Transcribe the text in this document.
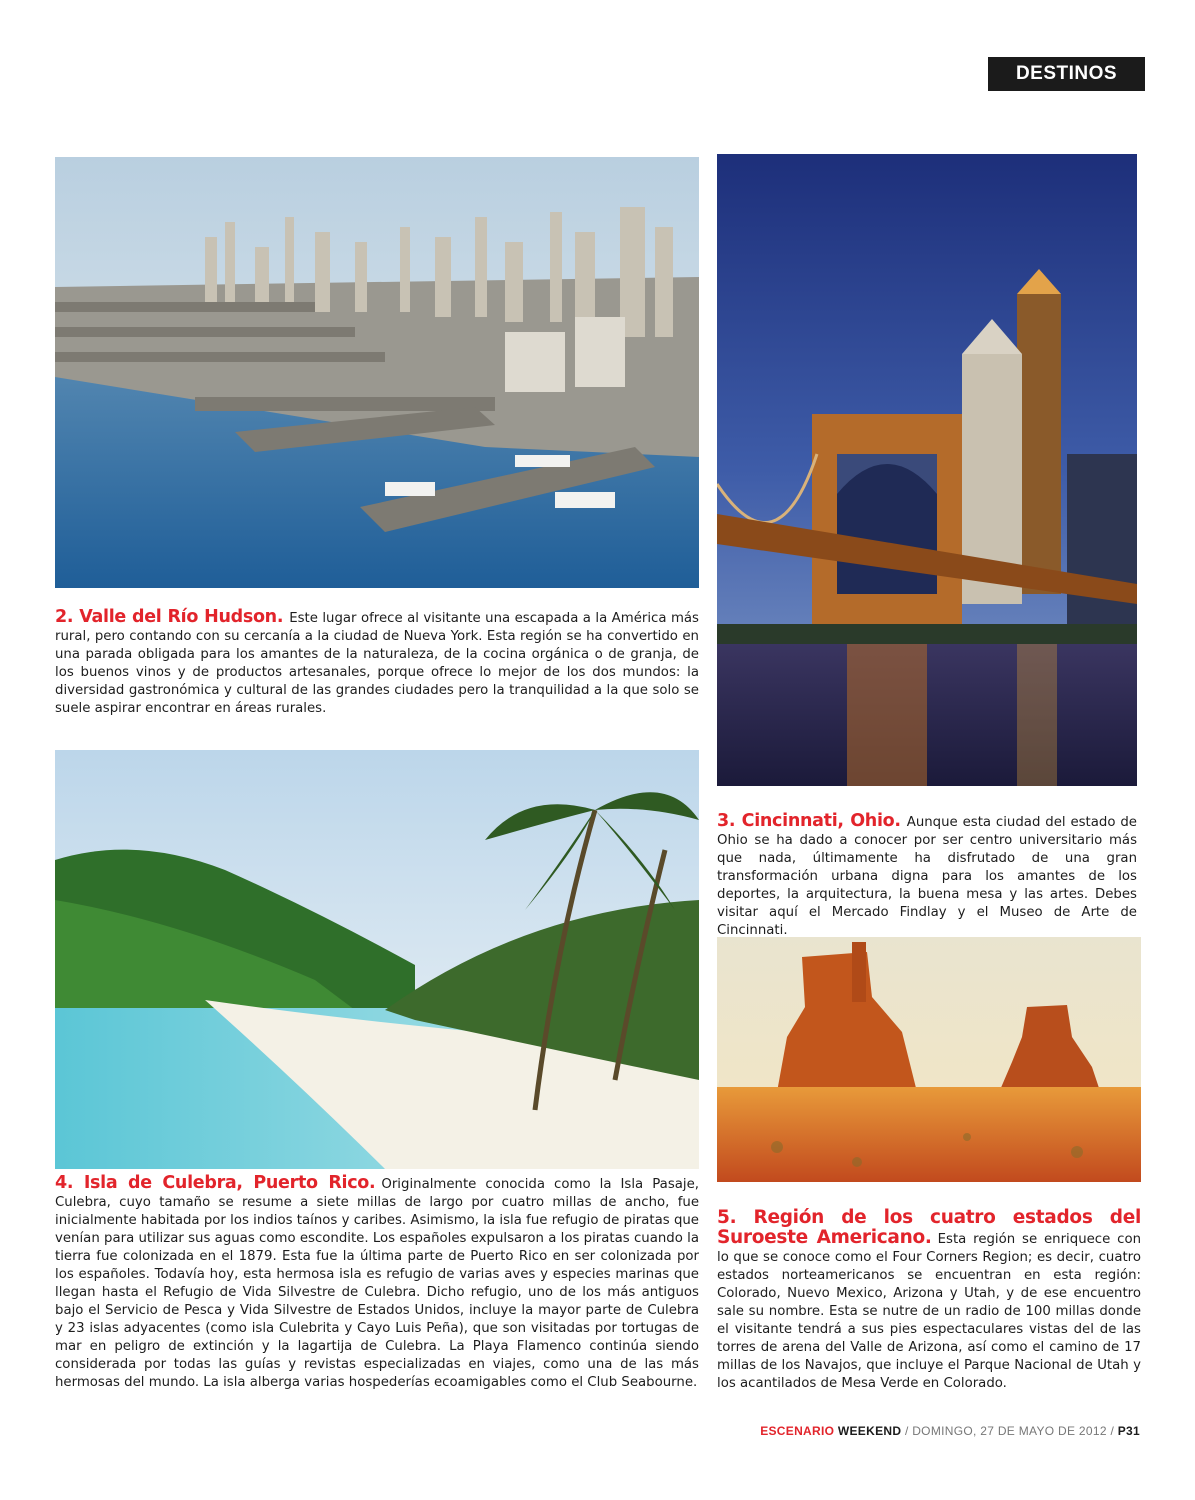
DESTINOS
2. Valle del Río Hudson. Este lugar ofrece al visitante una escapada a la América más rural, pero contando con su cercanía a la ciudad de Nueva York. Esta región se ha convertido en una parada obligada para los amantes de la naturaleza, de la cocina orgánica o de granja, de los buenos vinos y de productos artesanales, porque ofrece lo mejor de los dos mundos: la diversidad gastronómica y cultural de las grandes ciudades pero la tranquilidad a la que solo se suele aspirar encontrar en áreas rurales.
3. Cincinnati, Ohio. Aunque esta ciudad del estado de Ohio se ha dado a conocer por ser centro universitario más que nada, últimamente ha disfrutado de una gran transformación urbana digna para los amantes de los deportes, la arquitectura, la buena mesa y las artes. Debes visitar aquí el Mercado Findlay y el Museo de Arte de Cincinnati.
4. Isla de Culebra, Puerto Rico. Originalmente conocida como la Isla Pasaje, Culebra, cuyo tamaño se resume a siete millas de largo por cuatro millas de ancho, fue inicialmente habitada por los indios taínos y caribes. Asimismo, la isla fue refugio de piratas que venían para utilizar sus aguas como escondite. Los españoles expulsaron a los piratas cuando la tierra fue colonizada en el 1879. Esta fue la última parte de Puerto Rico en ser colonizada por los españoles. Todavía hoy, esta hermosa isla es refugio de varias aves y especies marinas que llegan hasta el Refugio de Vida Silvestre de Culebra. Dicho refugio, uno de los más antiguos bajo el Servicio de Pesca y Vida Silvestre de Estados Unidos, incluye la mayor parte de Culebra y 23 islas adyacentes (como isla Culebrita y Cayo Luis Peña), que son visitadas por tortugas de mar en peligro de extinción y la lagartija de Culebra. La Playa Flamenco continúa siendo considerada por todas las guías y revistas especializadas en viajes, como una de las más hermosas del mundo. La isla alberga varias hospederías ecoamigables como el Club Seabourne.
5. Región de los cuatro estados del Suroeste Americano. Esta región se enriquece con lo que se conoce como el Four Corners Region; es decir, cuatro estados norteamericanos se encuentran en esta región: Colorado, Nuevo Mexico, Arizona y Utah, y de ese encuentro sale su nombre. Esta se nutre de un radio de 100 millas donde el visitante tendrá a sus pies espectaculares vistas del de las torres de arena del Valle de Arizona, así como el camino de 17 millas de los Navajos, que incluye el Parque Nacional de Utah y los acantilados de Mesa Verde en Colorado.
ESCENARIO WEEKEND / DOMINGO, 27 DE MAYO DE 2012 / P31
